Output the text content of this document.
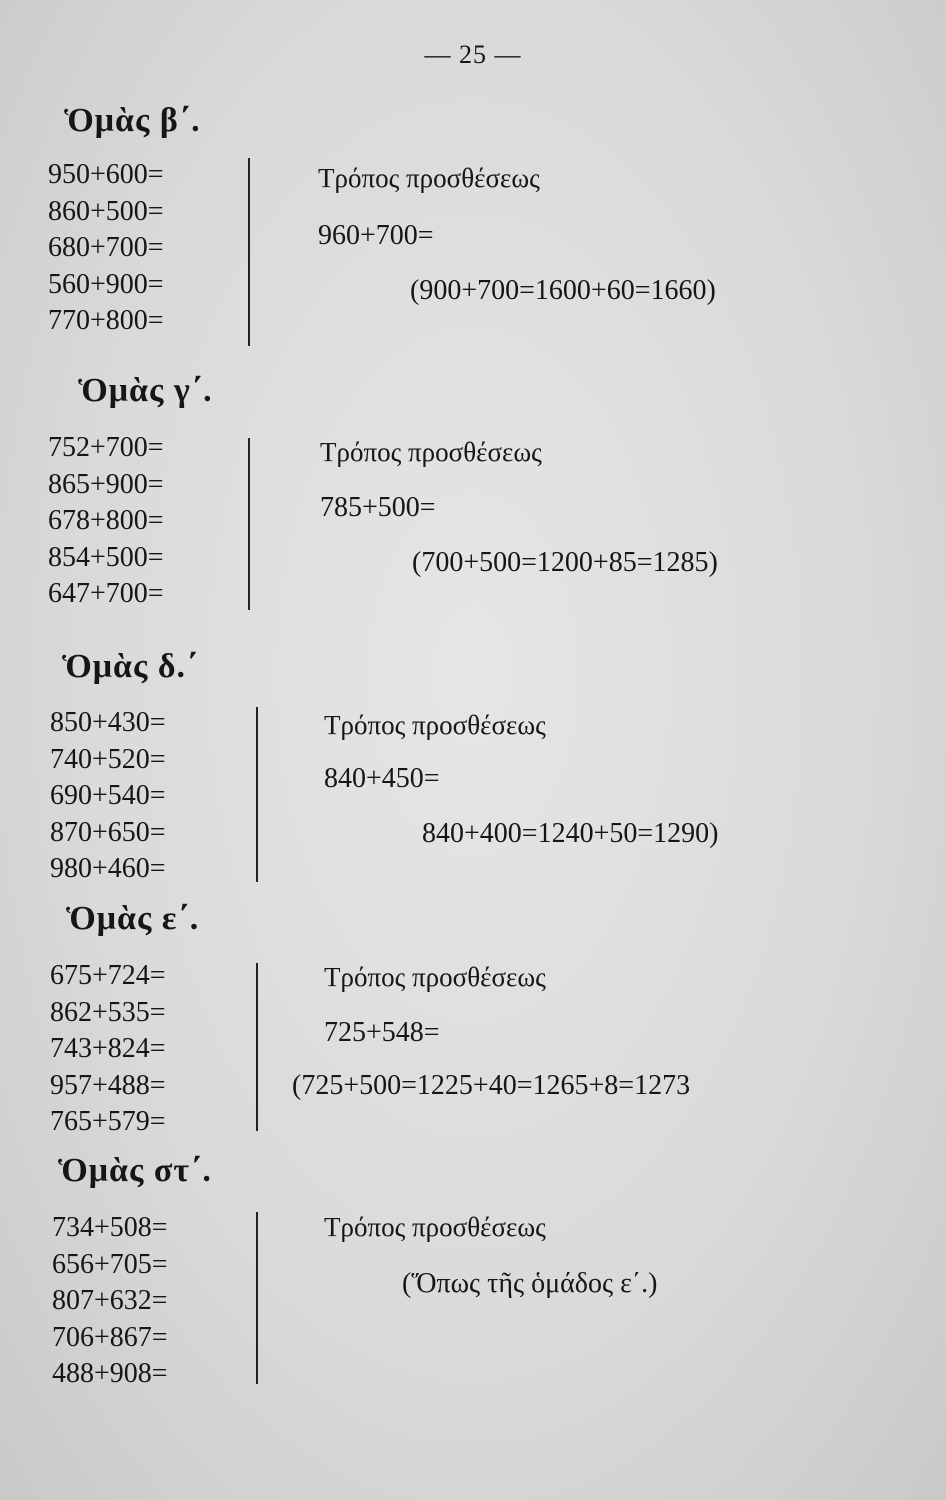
— 25 —
Ὁμὰς β΄.
950+600=
860+500=
680+700=
560+900=
770+800=
Τρόπος προσθέσεως
960+700=
(900+700=1600+60=1660)
Ὁμὰς γ΄.
752+700=
865+900=
678+800=
854+500=
647+700=
Τρόπος προσθέσεως
785+500=
(700+500=1200+85=1285)
Ὁμὰς δ.΄
850+430=
740+520=
690+540=
870+650=
980+460=
Τρόπος προσθέσεως
840+450=
840+400=1240+50=1290)
Ὁμὰς ε΄.
675+724=
862+535=
743+824=
957+488=
765+579=
Τρόπος προσθέσεως
725+548=
(725+500=1225+40=1265+8=1273
Ὁμὰς στ΄.
734+508=
656+705=
807+632=
706+867=
488+908=
Τρόπος προσθέσεως
(Ὅπως τῆς ὁμάδος ε΄.)
